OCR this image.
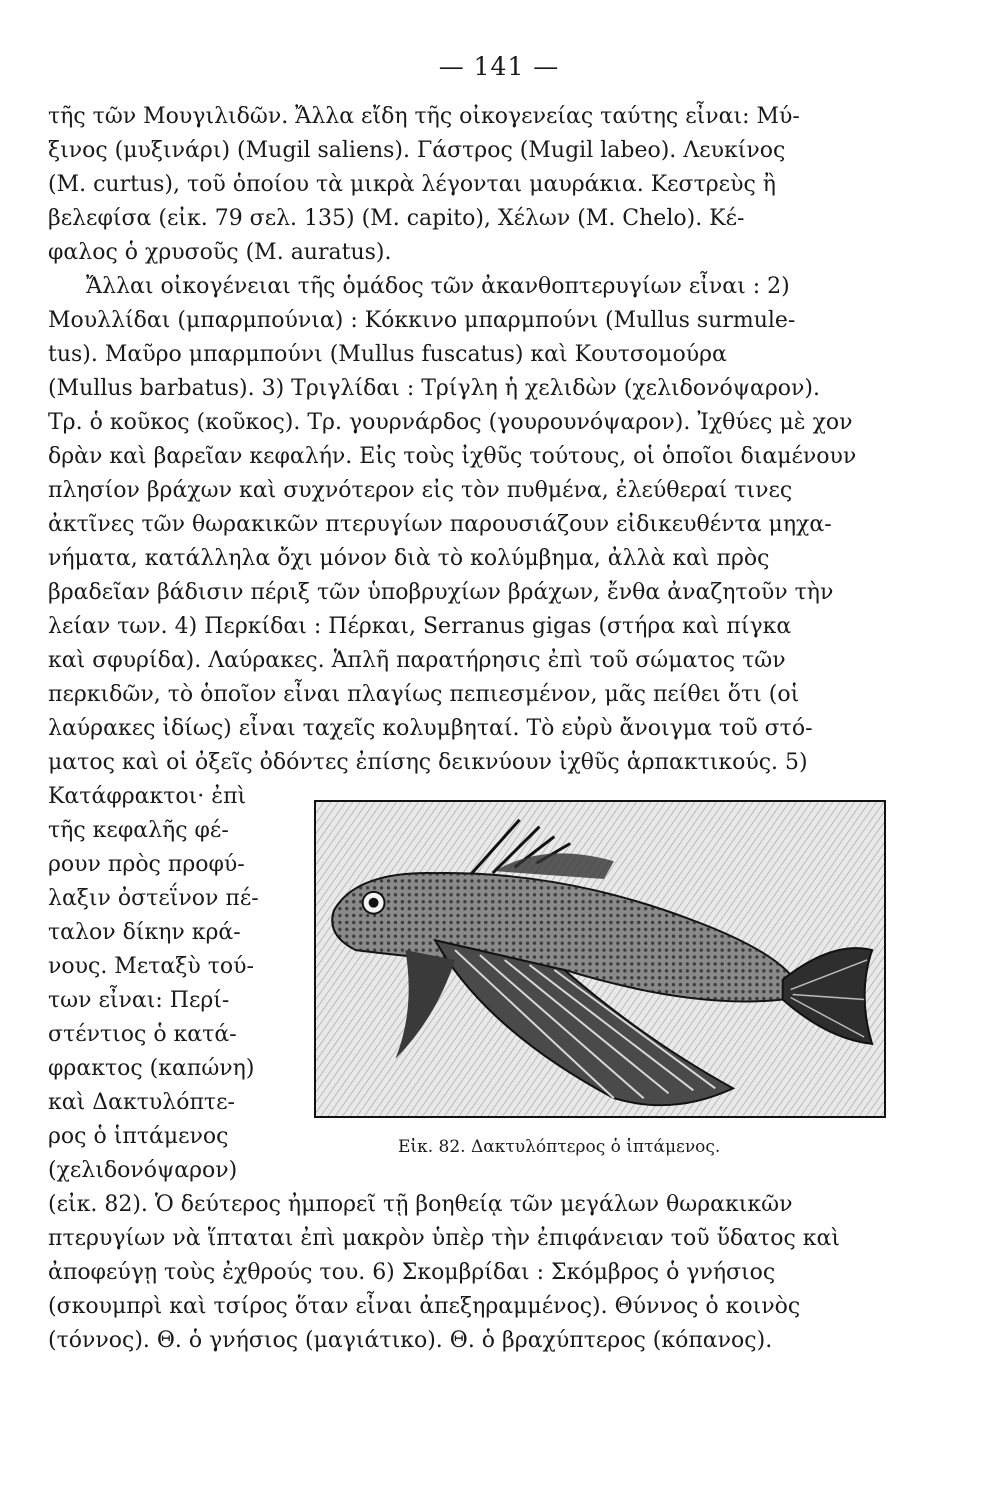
— 141 —
τῆς τῶν Μουγιλιδῶν. Ἄλλα εἴδη τῆς οἰκογενείας ταύτης εἶναι: Μύ-
ξινος (μυξινάρι) (Mugil saliens). Γάστρος (Mugil labeo). Λευκίνος
(M. curtus), τοῦ ὁποίου τὰ μικρὰ λέγονται μαυράκια. Κεστρεὺς ἢ
βελεφίσα (εἰκ. 79 σελ. 135) (M. capito), Χέλων (M. Chelo). Κέ-
φαλος ὁ χρυσοῦς (M. auratus).
Ἄλλαι οἰκογένειαι τῆς ὁμάδος τῶν ἀκανθοπτερυγίων εἶναι : 2)
Μουλλίδαι (μπαρμπούνια) : Κόκκινο μπαρμπούνι (Mullus surmule-
tus). Μαῦρο μπαρμπούνι (Mullus fuscatus) καὶ Κουτσομούρα
(Mullus barbatus). 3) Τριγλίδαι : Τρίγλη ἡ χελιδὼν (χελιδονόψαρον).
Τρ. ὁ κοῦκος (κοῦκος). Τρ. γουρνάρδος (γουρουνόψαρον). Ἰχθύες μὲ χον
δρὰν καὶ βαρεῖαν κεφαλήν. Εἰς τοὺς ἰχθῦς τούτους, οἱ ὁποῖοι διαμένουν
πλησίον βράχων καὶ συχνότερον εἰς τὸν πυθμένα, ἐλεύθεραί τινες
ἀκτῖνες τῶν θωρακικῶν πτερυγίων παρουσιάζουν εἰδικευθέντα μηχα-
νήματα, κατάλληλα ὄχι μόνον διὰ τὸ κολύμβημα, ἀλλὰ καὶ πρὸς
βραδεῖαν βάδισιν πέριξ τῶν ὑποβρυχίων βράχων, ἔνθα ἀναζητοῦν τὴν
λείαν των. 4) Περκίδαι : Πέρκαι, Serranus gigas (στήρα καὶ πίγκα
καὶ σφυρίδα). Λαύρακες. Ἁπλῆ παρατήρησις ἐπὶ τοῦ σώματος τῶν
περκιδῶν, τὸ ὁποῖον εἶναι πλαγίως πεπιεσμένον, μᾶς πείθει ὅτι (οἱ
λαύρακες ἰδίως) εἶναι ταχεῖς κολυμβηταί. Τὸ εὐρὺ ἄνοιγμα τοῦ στό-
ματος καὶ οἱ ὀξεῖς ὀδόντες ἐπίσης δεικνύουν ἰχθῦς ἁρπακτικούς. 5)
Κατάφρακτοι· ἐπὶ
τῆς κεφαλῆς φέ-
ρουν πρὸς προφύ-
λαξιν ὀστεΐνον πέ-
ταλον δίκην κρά-
νους. Μεταξὺ τού-
των εἶναι: Περί-
στέντιος ὁ κατά-
φρακτος (καπώνη)
καὶ Δακτυλόπτε-
ρος ὁ ἱπτάμενος
(χελιδονόψαρον)
Εἰκ. 82. Δακτυλόπτερος ὁ ἱπτάμενος.
(εἰκ. 82). Ὁ δεύτερος ἠμπορεῖ τῇ βοηθείᾳ τῶν μεγάλων θωρακικῶν
πτερυγίων νὰ ἵπταται ἐπὶ μακρὸν ὑπὲρ τὴν ἐπιφάνειαν τοῦ ὕδατος καὶ
ἀποφεύγῃ τοὺς ἐχθρούς του. 6) Σκομβρίδαι : Σκόμβρος ὁ γνήσιος
(σκουμπρὶ καὶ τσίρος ὅταν εἶναι ἀπεξηραμμένος). Θύννος ὁ κοινὸς
(τόννος). Θ. ὁ γνήσιος (μαγιάτικο). Θ. ὁ βραχύπτερος (κόπανος).
